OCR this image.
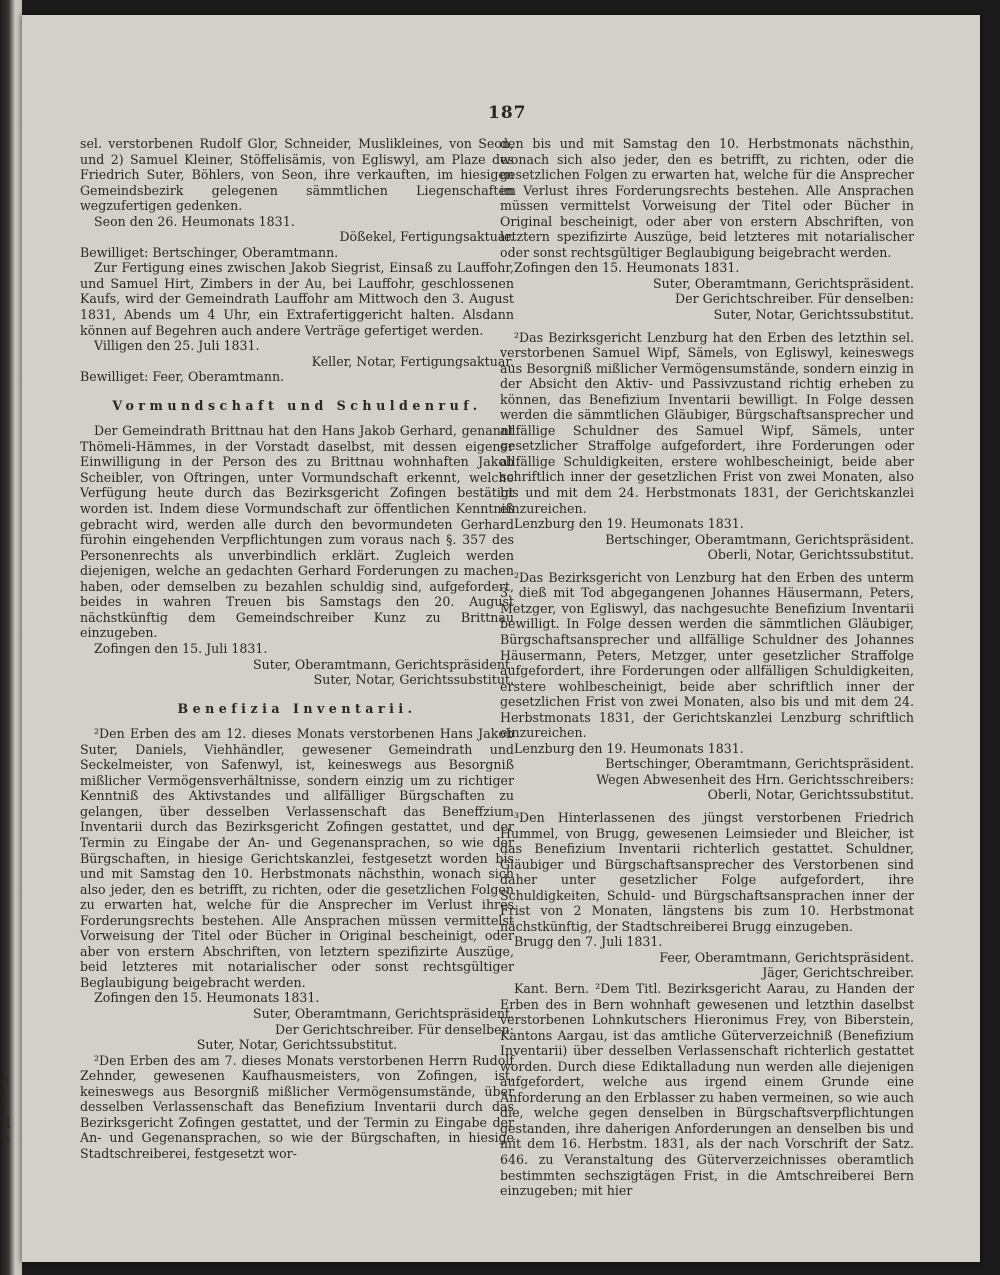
s
l
i
d
e
187

sel. verstorbenen Rudolf Glor, Schneider, Muslikleines, von Seon, und 2) Samuel Kleiner, Stöffelisämis, von Egliswyl, am Plaze des Friedrich Suter, Böhlers, von Seon, ihre verkauften, im hiesigen Gemeindsbezirk gelegenen sämmtlichen Liegenschaften wegzufertigen gedenken.

Seon den 26. Heumonats 1831.

Dößekel, Fertigungsaktuar.

Bewilliget: Bertschinger, Oberamtmann.

Zur Fertigung eines zwischen Jakob Siegrist, Einsaß zu Lauffohr, und Samuel Hirt, Zimbers in der Au, bei Lauffohr, geschlossenen Kaufs, wird der Gemeindrath Lauffohr am Mittwoch den 3. August 1831, Abends um 4 Uhr, ein Extrafertiggericht halten. Alsdann können auf Begehren auch andere Verträge gefertiget werden.

Villigen den 25. Juli 1831.

Keller, Notar, Fertigungsaktuar.

Bewilliget: Feer, Oberamtmann.

Vormundschaft und Schuldenruf.

Der Gemeindrath Brittnau hat den Hans Jakob Gerhard, genannt Thömeli-Hämmes, in der Vorstadt daselbst, mit dessen eigener Einwilligung in der Person des zu Brittnau wohnhaften Jakob Scheibler, von Oftringen, unter Vormundschaft erkennt, welche Verfügung heute durch das Bezirksgericht Zofingen bestätigt worden ist. Indem diese Vormundschaft zur öffentlichen Kenntniß gebracht wird, werden alle durch den bevormundeten Gerhard fürohin eingehenden Verpflichtungen zum voraus nach §. 357 des Personenrechts als unverbindlich erklärt. Zugleich werden diejenigen, welche an gedachten Gerhard Forderungen zu machen haben, oder demselben zu bezahlen schuldig sind, aufgefordert, beides in wahren Treuen bis Samstags den 20. August nächstkünftig dem Gemeindschreiber Kunz zu Brittnau einzugeben.

Zofingen den 15. Juli 1831.

Suter, Oberamtmann, Gerichtspräsident.

Suter, Notar, Gerichtssubstitut.

Benefizia Inventarii.

²Den Erben des am 12. dieses Monats verstorbenen Hans Jakob Suter, Daniels, Viehhändler, gewesener Gemeindrath und Seckelmeister, von Safenwyl, ist, keineswegs aus Besorgniß mißlicher Vermögensverhältnisse, sondern einzig um zu richtiger Kenntniß des Aktivstandes und allfälliger Bürgschaften zu gelangen, über desselben Verlassenschaft das Beneffzium Inventarii durch das Bezirksgericht Zofingen gestattet, und der Termin zu Eingabe der An- und Gegenansprachen, so wie der Bürgschaften, in hiesige Gerichtskanzlei, festgesetzt worden bis und mit Samstag den 10. Herbstmonats nächsthin, wonach sich also jeder, den es betrifft, zu richten, oder die gesetzlichen Folgen zu erwarten hat, welche für die Ansprecher im Verlust ihres Forderungsrechts bestehen. Alle Ansprachen müssen vermittelst Vorweisung der Titel oder Bücher in Original bescheinigt, oder aber von erstern Abschriften, von letztern spezifizirte Auszüge, beid letzteres mit notarialischer oder sonst rechtsgültiger Beglaubigung beigebracht werden.

Zofingen den 15. Heumonats 1831.

Suter, Oberamtmann, Gerichtspräsident.

Der Gerichtschreiber. Für denselben:

Suter, Notar, Gerichtssubstitut.

²Den Erben des am 7. dieses Monats verstorbenen Herrn Rudolf Zehnder, gewesenen Kaufhausmeisters, von Zofingen, ist, keineswegs aus Besorgniß mißlicher Vermögensumstände, über desselben Verlassenschaft das Benefizium Inventarii durch das Bezirksgericht Zofingen gestattet, und der Termin zu Eingabe der An- und Gegenansprachen, so wie der Bürgschaften, in hiesige Stadtschreiberei, festgesetzt wor-

den bis und mit Samstag den 10. Herbstmonats nächsthin, wonach sich also jeder, den es betrifft, zu richten, oder die gesetzlichen Folgen zu erwarten hat, welche für die Ansprecher im Verlust ihres Forderungsrechts bestehen. Alle Ansprachen müssen vermittelst Vorweisung der Titel oder Bücher in Original bescheinigt, oder aber von erstern Abschriften, von letztern spezifizirte Auszüge, beid letzteres mit notarialischer oder sonst rechtsgültiger Beglaubigung beigebracht werden.

Zofingen den 15. Heumonats 1831.

Suter, Oberamtmann, Gerichtspräsident.

Der Gerichtschreiber. Für denselben:

Suter, Notar, Gerichtssubstitut.

²Das Bezirksgericht Lenzburg hat den Erben des letzthin sel. verstorbenen Samuel Wipf, Sämels, von Egliswyl, keineswegs aus Besorgniß mißlicher Vermögensumstände, sondern einzig in der Absicht den Aktiv- und Passivzustand richtig erheben zu können, das Benefizium Inventarii bewilligt. In Folge dessen werden die sämmtlichen Gläubiger, Bürgschaftsansprecher und allfällige Schuldner des Samuel Wipf, Sämels, unter gesetzlicher Straffolge aufgefordert, ihre Forderungen oder allfällige Schuldigkeiten, erstere wohlbescheinigt, beide aber schriftlich inner der gesetzlichen Frist von zwei Monaten, also bis und mit dem 24. Herbstmonats 1831, der Gerichtskanzlei einzureichen.

Lenzburg den 19. Heumonats 1831.

Bertschinger, Oberamtmann, Gerichtspräsident.

Oberli, Notar, Gerichtssubstitut.

²Das Bezirksgericht von Lenzburg hat den Erben des unterm 3. dieß mit Tod abgegangenen Johannes Häusermann, Peters, Metzger, von Egliswyl, das nachgesuchte Benefizium Inventarii bewilligt. In Folge dessen werden die sämmtlichen Gläubiger, Bürgschaftsansprecher und allfällige Schuldner des Johannes Häusermann, Peters, Metzger, unter gesetzlicher Straffolge aufgefordert, ihre Forderungen oder allfälligen Schuldigkeiten, erstere wohlbescheinigt, beide aber schriftlich inner der gesetzlichen Frist von zwei Monaten, also bis und mit dem 24. Herbstmonats 1831, der Gerichtskanzlei Lenzburg schriftlich einzureichen.

Lenzburg den 19. Heumonats 1831.

Bertschinger, Oberamtmann, Gerichtspräsident.

Wegen Abwesenheit des Hrn. Gerichtsschreibers:

Oberli, Notar, Gerichtssubstitut.

³Den Hinterlassenen des jüngst verstorbenen Friedrich Hummel, von Brugg, gewesenen Leimsieder und Bleicher, ist das Benefizium Inventarii richterlich gestattet. Schuldner, Gläubiger und Bürgschaftsansprecher des Verstorbenen sind daher unter gesetzlicher Folge aufgefordert, ihre Schuldigkeiten, Schuld- und Bürgschaftsansprachen inner der Frist von 2 Monaten, längstens bis zum 10. Herbstmonat nächstkünftig, der Stadtschreiberei Brugg einzugeben.

Brugg den 7. Juli 1831.

Feer, Oberamtmann, Gerichtspräsident.

Jäger, Gerichtschreiber.

Kant. Bern. ²Dem Titl. Bezirksgericht Aarau, zu Handen der Erben des in Bern wohnhaft gewesenen und letzthin daselbst verstorbenen Lohnkutschers Hieronimus Frey, von Biberstein, Kantons Aargau, ist das amtliche Güterverzeichniß (Benefizium Inventarii) über desselben Verlassenschaft richterlich gestattet worden. Durch diese Ediktalladung nun werden alle diejenigen aufgefordert, welche aus irgend einem Grunde eine Anforderung an den Erblasser zu haben vermeinen, so wie auch die, welche gegen denselben in Bürgschaftsverpflichtungen gestanden, ihre daherigen Anforderungen an denselben bis und mit dem 16. Herbstm. 1831, als der nach Vorschrift der Satz. 646. zu Veranstaltung des Güterverzeichnisses oberamtlich bestimmten sechszigtägen Frist, in die Amtschreiberei Bern einzugeben; mit hier
